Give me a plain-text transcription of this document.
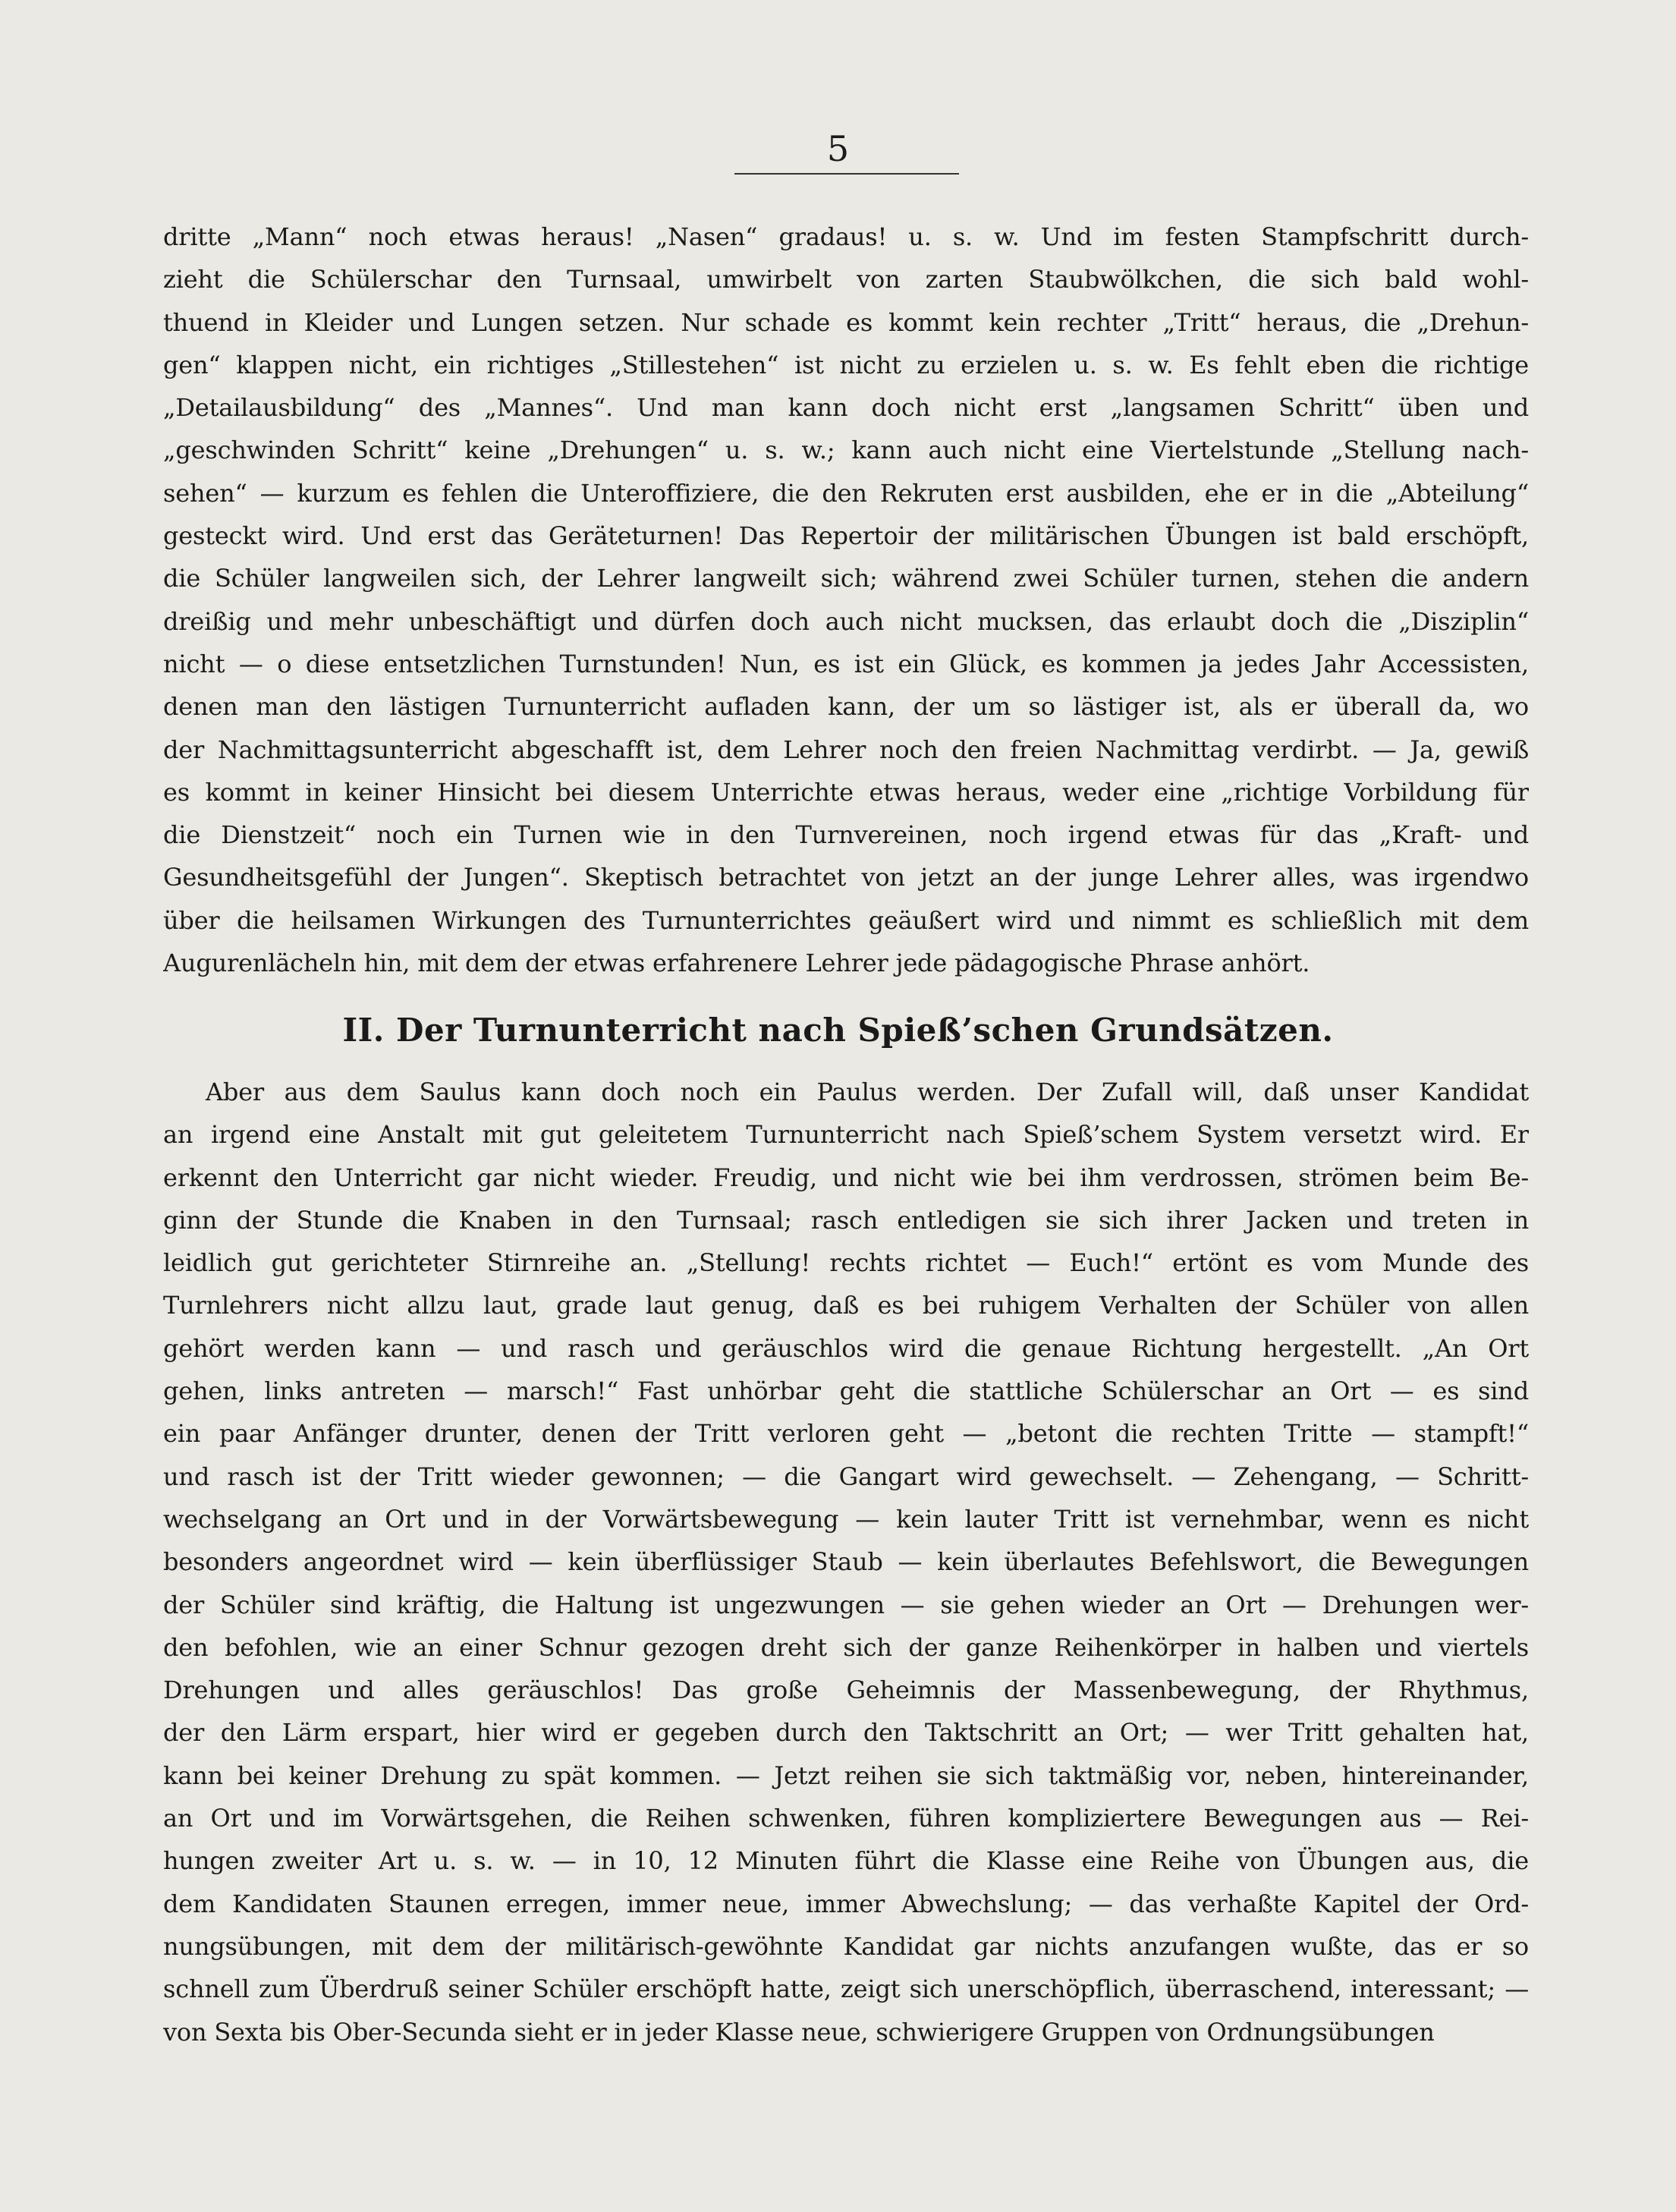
5
dritte „Mann“ noch etwas heraus! „Nasen“ gradaus! u. s. w. Und im festen Stampfschritt durch-
zieht die Schülerschar den Turnsaal, umwirbelt von zarten Staubwölkchen, die sich bald wohl-
thuend in Kleider und Lungen setzen. Nur schade es kommt kein rechter „Tritt“ heraus, die „Drehun-
gen“ klappen nicht, ein richtiges „Stillestehen“ ist nicht zu erzielen u. s. w. Es fehlt eben die richtige
„Detailausbildung“ des „Mannes“. Und man kann doch nicht erst „langsamen Schritt“ üben und
„geschwinden Schritt“ keine „Drehungen“ u. s. w.; kann auch nicht eine Viertelstunde „Stellung nach-
sehen“ — kurzum es fehlen die Unteroffiziere, die den Rekruten erst ausbilden, ehe er in die „Abteilung“
gesteckt wird. Und erst das Geräteturnen! Das Repertoir der militärischen Übungen ist bald erschöpft,
die Schüler langweilen sich, der Lehrer langweilt sich; während zwei Schüler turnen, stehen die andern
dreißig und mehr unbeschäftigt und dürfen doch auch nicht mucksen, das erlaubt doch die „Disziplin“
nicht — o diese entsetzlichen Turnstunden! Nun, es ist ein Glück, es kommen ja jedes Jahr Accessisten,
denen man den lästigen Turnunterricht aufladen kann, der um so lästiger ist, als er überall da, wo
der Nachmittagsunterricht abgeschafft ist, dem Lehrer noch den freien Nachmittag verdirbt. — Ja, gewiß
es kommt in keiner Hinsicht bei diesem Unterrichte etwas heraus, weder eine „richtige Vorbildung für
die Dienstzeit“ noch ein Turnen wie in den Turnvereinen, noch irgend etwas für das „Kraft- und
Gesundheitsgefühl der Jungen“. Skeptisch betrachtet von jetzt an der junge Lehrer alles, was irgendwo
über die heilsamen Wirkungen des Turnunterrichtes geäußert wird und nimmt es schließlich mit dem
Augurenlächeln hin, mit dem der etwas erfahrenere Lehrer jede pädagogische Phrase anhört.
II. Der Turnunterricht nach Spieß’schen Grundsätzen.
Aber aus dem Saulus kann doch noch ein Paulus werden. Der Zufall will, daß unser Kandidat
an irgend eine Anstalt mit gut geleitetem Turnunterricht nach Spieß’schem System versetzt wird. Er
erkennt den Unterricht gar nicht wieder. Freudig, und nicht wie bei ihm verdrossen, strömen beim Be-
ginn der Stunde die Knaben in den Turnsaal; rasch entledigen sie sich ihrer Jacken und treten in
leidlich gut gerichteter Stirnreihe an. „Stellung! rechts richtet — Euch!“ ertönt es vom Munde des
Turnlehrers nicht allzu laut, grade laut genug, daß es bei ruhigem Verhalten der Schüler von allen
gehört werden kann — und rasch und geräuschlos wird die genaue Richtung hergestellt. „An Ort
gehen, links antreten — marsch!“ Fast unhörbar geht die stattliche Schülerschar an Ort — es sind
ein paar Anfänger drunter, denen der Tritt verloren geht — „betont die rechten Tritte — stampft!“
und rasch ist der Tritt wieder gewonnen; — die Gangart wird gewechselt. — Zehengang, — Schritt-
wechselgang an Ort und in der Vorwärtsbewegung — kein lauter Tritt ist vernehmbar, wenn es nicht
besonders angeordnet wird — kein überflüssiger Staub — kein überlautes Befehlswort, die Bewegungen
der Schüler sind kräftig, die Haltung ist ungezwungen — sie gehen wieder an Ort — Drehungen wer-
den befohlen, wie an einer Schnur gezogen dreht sich der ganze Reihenkörper in halben und viertels
Drehungen und alles geräuschlos! Das große Geheimnis der Massenbewegung, der Rhythmus,
der den Lärm erspart, hier wird er gegeben durch den Taktschritt an Ort; — wer Tritt gehalten hat,
kann bei keiner Drehung zu spät kommen. — Jetzt reihen sie sich taktmäßig vor, neben, hintereinander,
an Ort und im Vorwärtsgehen, die Reihen schwenken, führen kompliziertere Bewegungen aus — Rei-
hungen zweiter Art u. s. w. — in 10, 12 Minuten führt die Klasse eine Reihe von Übungen aus, die
dem Kandidaten Staunen erregen, immer neue, immer Abwechslung; — das verhaßte Kapitel der Ord-
nungsübungen, mit dem der militärisch-gewöhnte Kandidat gar nichts anzufangen wußte, das er so
schnell zum Überdruß seiner Schüler erschöpft hatte, zeigt sich unerschöpflich, überraschend, interessant; —
von Sexta bis Ober-Secunda sieht er in jeder Klasse neue, schwierigere Gruppen von Ordnungsübungen
